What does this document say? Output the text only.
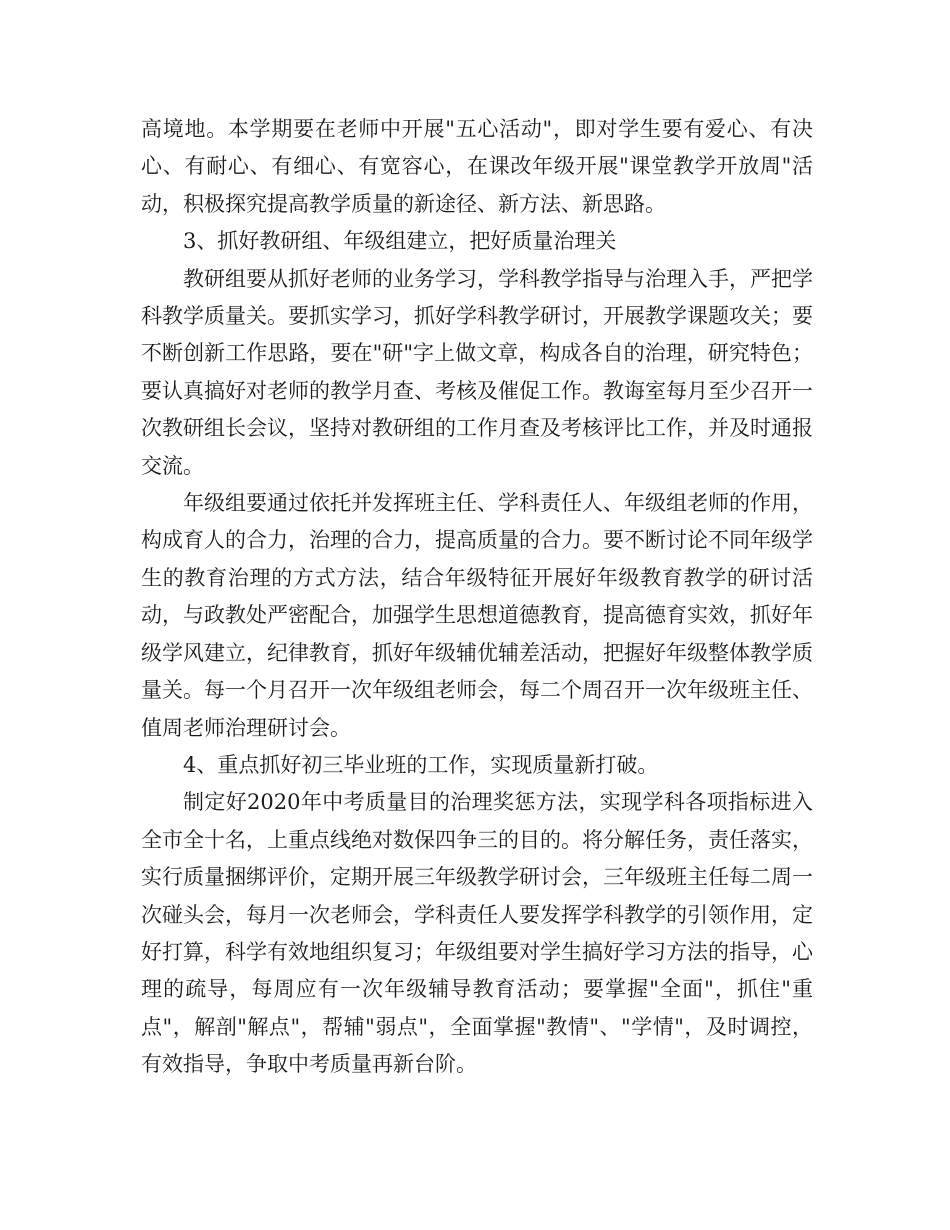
高境地。本学期要在老师中开展"五心活动"，即对学生要有爱心、有决心、有耐心、有细心、有宽容心，在课改年级开展"课堂教学开放周"活动，积极探究提高教学质量的新途径、新方法、新思路。

3、抓好教研组、年级组建立，把好质量治理关

教研组要从抓好老师的业务学习，学科教学指导与治理入手，严把学科教学质量关。要抓实学习，抓好学科教学研讨，开展教学课题攻关；要不断创新工作思路，要在"研"字上做文章，构成各自的治理，研究特色；要认真搞好对老师的教学月查、考核及催促工作。教诲室每月至少召开一次教研组长会议，坚持对教研组的工作月查及考核评比工作，并及时通报交流。

年级组要通过依托并发挥班主任、学科责任人、年级组老师的作用，构成育人的合力，治理的合力，提高质量的合力。要不断讨论不同年级学生的教育治理的方式方法，结合年级特征开展好年级教育教学的研讨活动，与政教处严密配合，加强学生思想道德教育，提高德育实效，抓好年级学风建立，纪律教育，抓好年级辅优辅差活动，把握好年级整体教学质量关。每一个月召开一次年级组老师会，每二个周召开一次年级班主任、值周老师治理研讨会。

4、重点抓好初三毕业班的工作，实现质量新打破。

制定好2020年中考质量目的治理奖惩方法，实现学科各项指标进入全市全十名，上重点线绝对数保四争三的目的。将分解任务，责任落实，实行质量捆绑评价，定期开展三年级教学研讨会，三年级班主任每二周一次碰头会，每月一次老师会，学科责任人要发挥学科教学的引领作用，定好打算，科学有效地组织复习；年级组要对学生搞好学习方法的指导，心理的疏导，每周应有一次年级辅导教育活动；要掌握"全面"，抓住"重点"，解剖"解点"，帮辅"弱点"，全面掌握"教情"、"学情"，及时调控，有效指导，争取中考质量再新台阶。
